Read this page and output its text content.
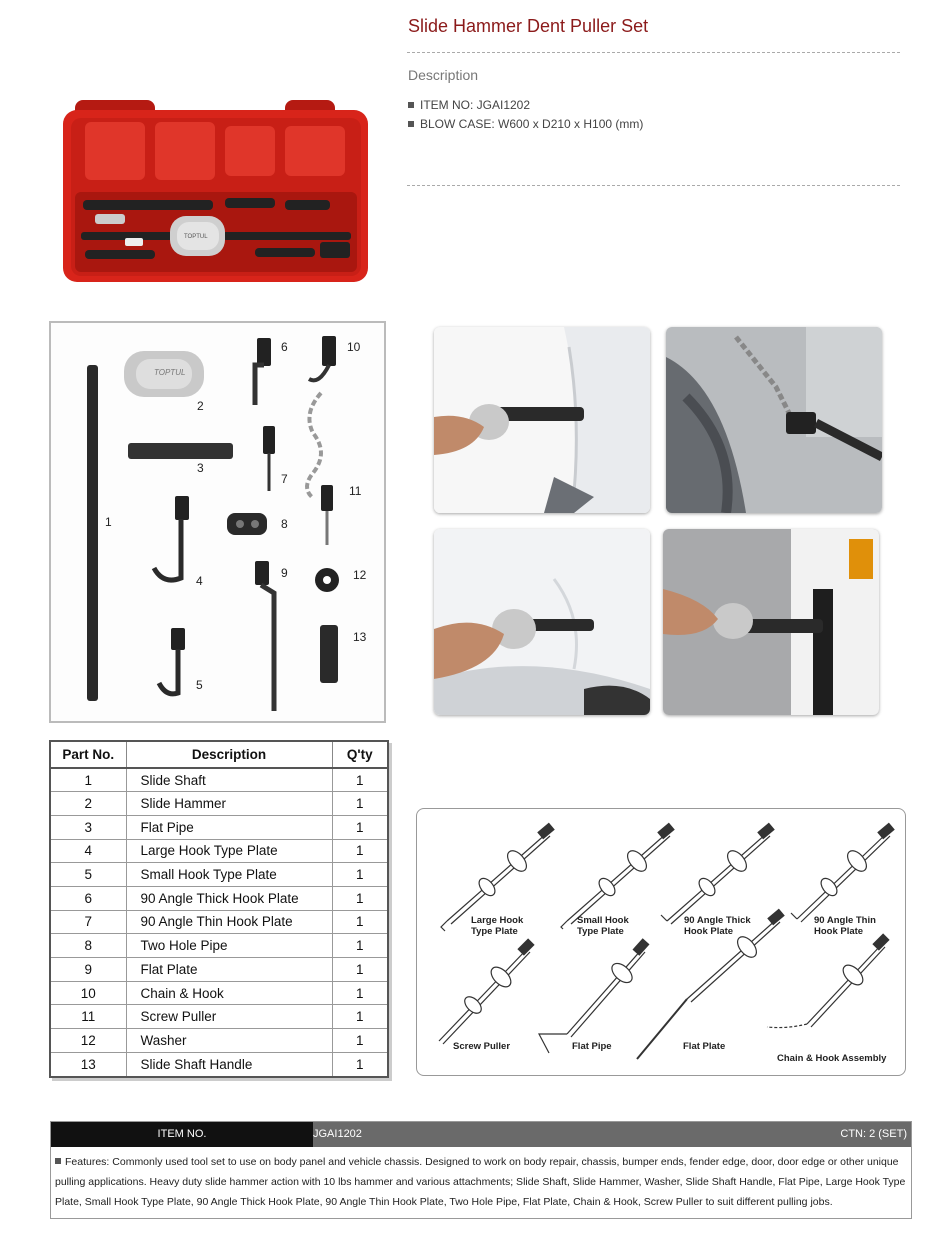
Slide Hammer Dent Puller Set
Description
ITEM NO: JGAI1202
BLOW CASE: W600 x D210 x H100 (mm)
TOPTUL
1
2
3
4
5
6
7
8
9
10
11
12
13
TOPTUL
Part No.	Description	Q'ty
1	Slide Shaft	1
2	Slide Hammer	1
3	Flat Pipe	1
4	Large Hook Type Plate	1
5	Small Hook Type Plate	1
6	90 Angle Thick Hook Plate	1
7	90 Angle Thin Hook Plate	1
8	Two Hole Pipe	1
9	Flat Plate	1
10	Chain & Hook	1
11	Screw Puller	1
12	Washer	1
13	Slide Shaft Handle	1
Large Hook
Type Plate
Small Hook
Type Plate
90 Angle Thick
Hook Plate
90 Angle Thin
Hook Plate
Screw Puller	Flat Pipe	Flat Plate
Chain & Hook Assembly
ITEM NO.	JGAI1202	CTN: 2 (SET)
Features: Commonly used tool set to use on body panel and vehicle chassis. Designed to work on body repair, chassis, bumper ends, fender edge, door, door edge or other unique pulling applications. Heavy duty slide hammer action with 10 lbs hammer and various attachments; Slide Shaft, Slide Hammer, Washer, Slide Shaft Handle, Flat Pipe, Large Hook Type Plate, Small Hook Type Plate, 90 Angle Thick Hook Plate, 90 Angle Thin Hook Plate, Two Hole Pipe, Flat Plate, Chain & Hook, Screw Puller to suit different pulling jobs.
